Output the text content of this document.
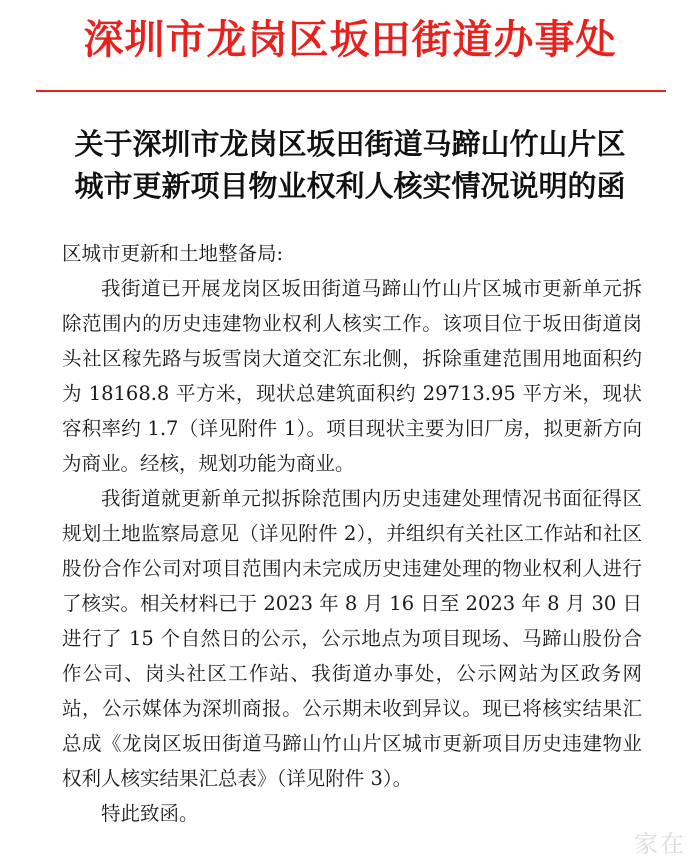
深圳市龙岗区坂田街道办事处
关于深圳市龙岗区坂田街道马蹄山竹山片区
城市更新项目物业权利人核实情况说明的函

区城市更新和土地整备局:

我街道已开展龙岗区坂田街道马蹄山竹山片区城市更新单元拆除范围内的历史违建物业权利人核实工作。该项目位于坂田街道岗头社区稼先路与坂雪岗大道交汇东北侧，拆除重建范围用地面积约为 18168.8 平方米，现状总建筑面积约 29713.95 平方米，现状容积率约 1.7（详见附件 1）。项目现状主要为旧厂房，拟更新方向为商业。经核，规划功能为商业。

我街道就更新单元拟拆除范围内历史违建处理情况书面征得区规划土地监察局意见（详见附件 2），并组织有关社区工作站和社区股份合作公司对项目范围内未完成历史违建处理的物业权利人进行了核实。相关材料已于 2023 年 8 月 16 日至 2023 年 8 月 30 日进行了 15 个自然日的公示，公示地点为项目现场、马蹄山股份合作公司、岗头社区工作站、我街道办事处，公示网站为区政务网站，公示媒体为深圳商报。公示期未收到异议。现已将核实结果汇总成《龙岗区坂田街道马蹄山竹山片区城市更新项目历史违建物业权利人核实结果汇总表》（详见附件 3）。

特此致函。

家在
